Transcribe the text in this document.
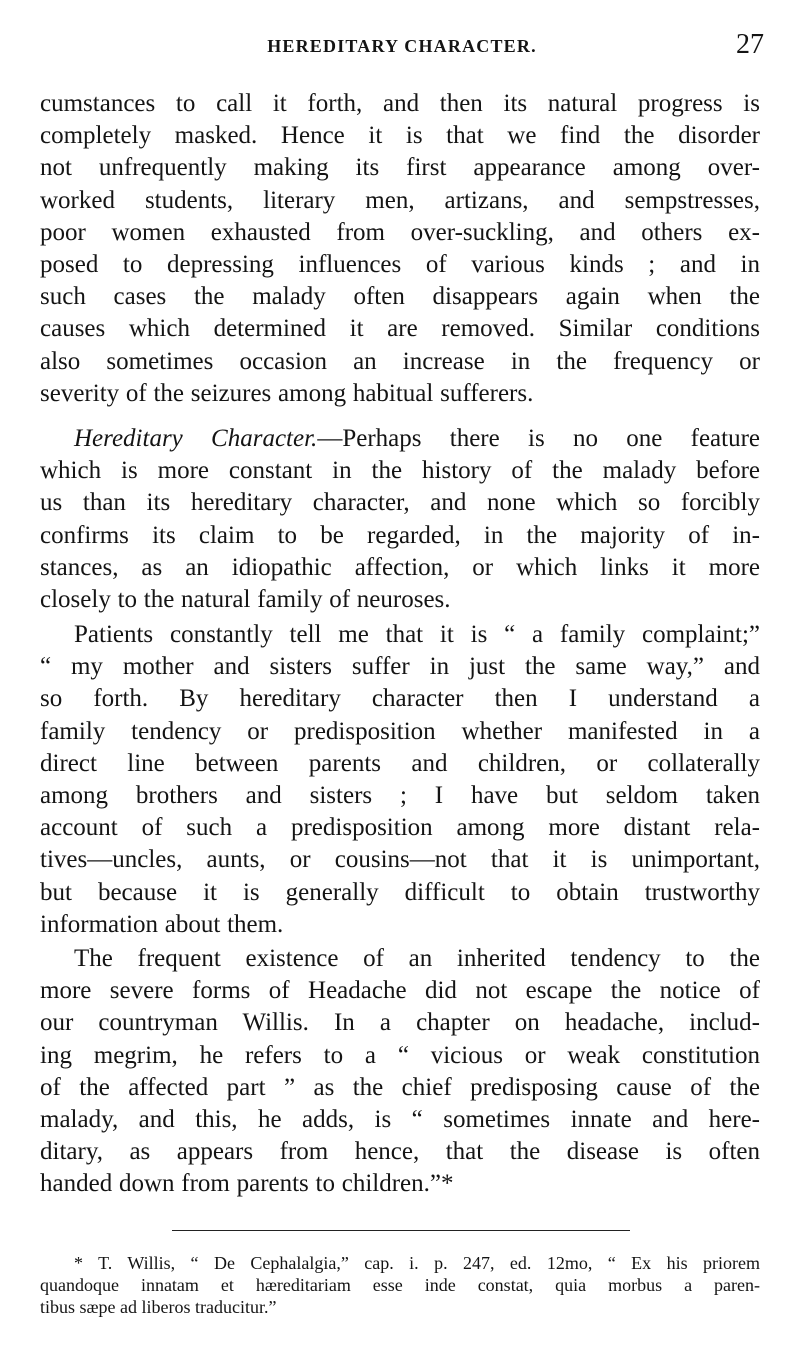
HEREDITARY CHARACTER.	27
cumstances to call it forth, and then its natural progress is
completely masked. Hence it is that we find the disorder
not unfrequently making its first appearance among over-
worked students, literary men, artizans, and sempstresses,
poor women exhausted from over-suckling, and others ex-
posed to depressing influences of various kinds ; and in
such cases the malady often disappears again when the
causes which determined it are removed. Similar conditions
also sometimes occasion an increase in the frequency or
severity of the seizures among habitual sufferers.
Hereditary Character.—Perhaps there is no one feature
which is more constant in the history of the malady before
us than its hereditary character, and none which so forcibly
confirms its claim to be regarded, in the majority of in-
stances, as an idiopathic affection, or which links it more
closely to the natural family of neuroses.
Patients constantly tell me that it is “ a family complaint;”
“ my mother and sisters suffer in just the same way,” and
so forth. By hereditary character then I understand a
family tendency or predisposition whether manifested in a
direct line between parents and children, or collaterally
among brothers and sisters ; I have but seldom taken
account of such a predisposition among more distant rela-
tives—uncles, aunts, or cousins—not that it is unimportant,
but because it is generally difficult to obtain trustworthy
information about them.
The frequent existence of an inherited tendency to the
more severe forms of Headache did not escape the notice of
our countryman Willis. In a chapter on headache, includ-
ing megrim, he refers to a “ vicious or weak constitution
of the affected part ” as the chief predisposing cause of the
malady, and this, he adds, is “ sometimes innate and here-
ditary, as appears from hence, that the disease is often
handed down from parents to children.”*
* T. Willis, “ De Cephalalgia,” cap. i. p. 247, ed. 12mo, “ Ex his priorem
quandoque innatam et hæreditariam esse inde constat, quia morbus a paren-
tibus sæpe ad liberos traducitur.”
